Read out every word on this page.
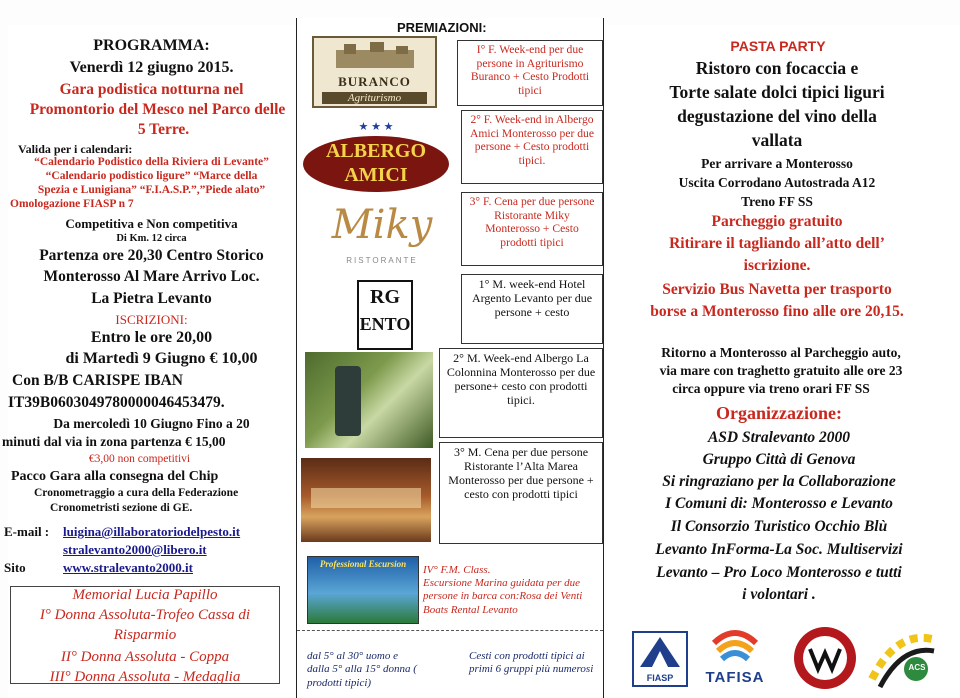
PROGRAMMA:
Venerdì 12 giugno 2015.
Gara podistica notturna nel
Promontorio del Mesco nel Parco delle
5 Terre.
Valida per i calendari:
“Calendario Podistico della Riviera di Levante”
“Calendario podistico ligure” “Marce della
Spezia e Lunigiana” “F.I.A.S.P.”,”Piede alato”
Omologazione FIASP n 7
Competitiva e Non competitiva
Di Km. 12 circa
Partenza ore 20,30 Centro Storico
Monterosso Al Mare Arrivo Loc.
La Pietra Levanto
ISCRIZIONI:
Entro le ore 20,00
di Martedì 9 Giugno € 10,00
Con B/B CARISPE IBAN
IT39B0603049780000046453479.
Da mercoledì 10 Giugno Fino a 20
minuti dal via in zona partenza € 15,00
€3,00 non competitivi
Pacco Gara alla consegna del Chip
Cronometraggio a cura della Federazione
Cronometristi sezione di GE.
E-mail : luigina@illaboratoriodelpesto.it
stralevanto2000@libero.it
Sito	www.stralevanto2000.it
Memorial Lucia Papillo
I° Donna Assoluta-Trofeo Cassa di
Risparmio
II° Donna Assoluta - Coppa
III° Donna Assoluta - Medaglia
PREMIAZIONI:
BURANCO
Agriturismo
★ ★ ★
ALBERGO
AMICI
Miky
RISTORANTE
RG
ENTO
Professional Escursion
I° F. Week-end per due persone in Agriturismo Buranco + Cesto Prodotti tipici
2° F. Week-end in Albergo Amici Monterosso per due persone + Cesto prodotti tipici.
3° F. Cena per due persone Ristorante Miky Monterosso + Cesto prodotti tipici
1° M. week-end Hotel Argento Levanto per due persone + cesto
2° M. Week-end Albergo La Colonnina Monterosso per due persone+ cesto con prodotti tipici.
3° M. Cena per due persone Ristorante l’Alta Marea Monterosso per due persone + cesto con prodotti tipici
IV° F.M. Class.
Escursione Marina guidata per due persone in barca con:Rosa dei Venti Boats Rental Levanto
dal 5° al 30° uomo e dalla 5° alla 15° donna ( prodotti tipici)
Cesti con prodotti tipici ai primi 6 gruppi più numerosi
PASTA PARTY
Ristoro con focaccia e
Torte salate dolci tipici liguri
degustazione del vino della
vallata
Per arrivare a Monterosso
Uscita Corrodano Autostrada A12
Treno FF SS
Parcheggio gratuito
Ritirare il tagliando all’atto dell’
iscrizione.
Servizio Bus Navetta per trasporto
borse a Monterosso fino alle ore 20,15.
Ritorno a Monterosso al Parcheggio auto,
via mare con traghetto gratuito alle ore 23
circa oppure via treno orari FF SS
Organizzazione:
ASD Stralevanto 2000
Gruppo Città di Genova
Si ringraziano per la Collaborazione
I Comuni di: Monterosso e Levanto
Il Consorzio Turistico Occhio Blù
Levanto InForma-La Soc. Multiservizi
Levanto – Pro Loco Monterosso e tutti
i volontari .
FIASP	TAFISA
ACS
